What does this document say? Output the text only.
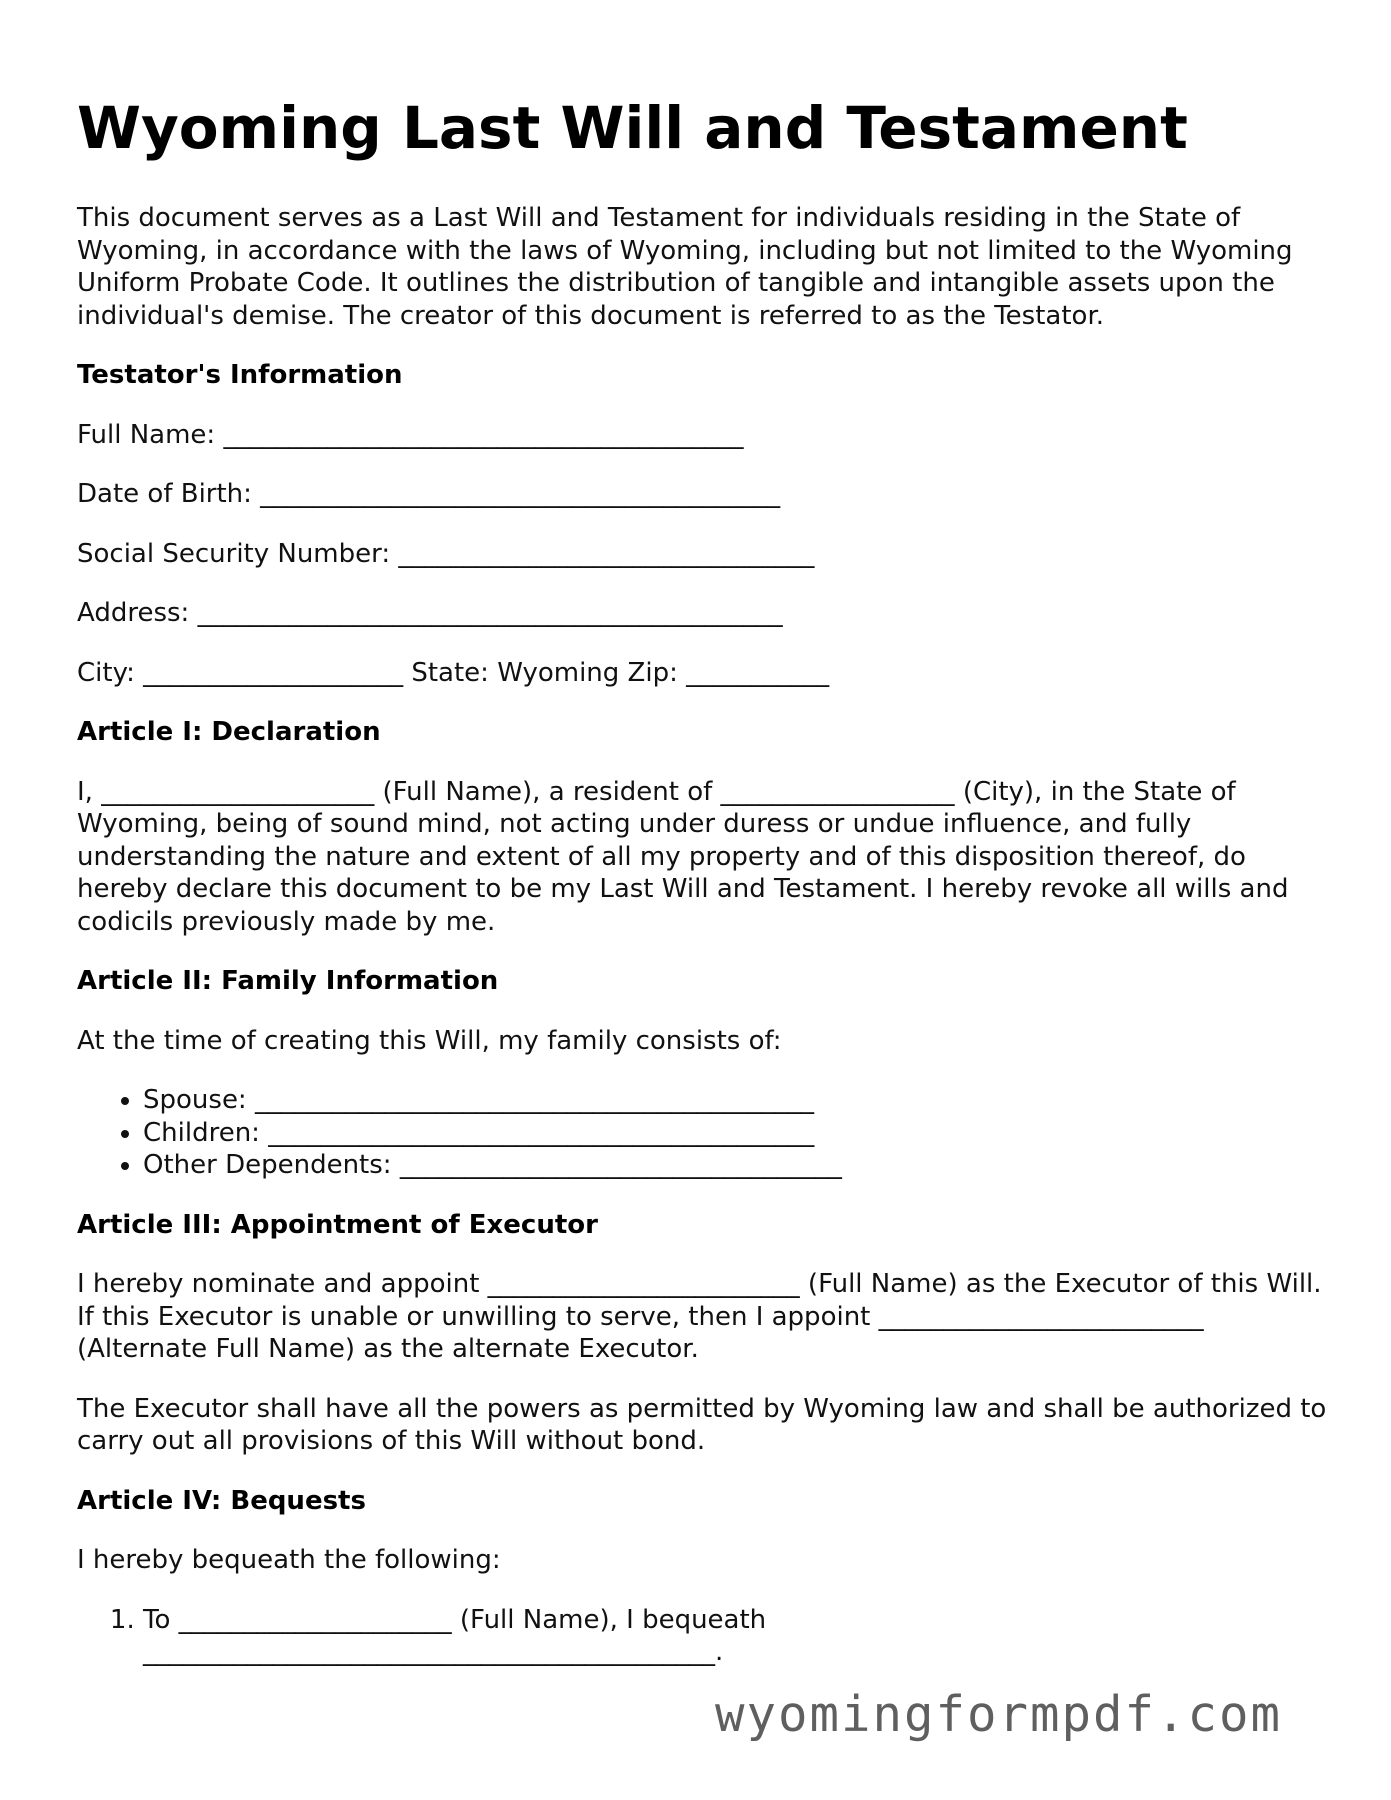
Wyoming Last Will and Testament

This document serves as a Last Will and Testament for individuals residing in the State of Wyoming, in accordance with the laws of Wyoming, including but not limited to the Wyoming Uniform Probate Code. It outlines the distribution of tangible and intangible assets upon the individual's demise. The creator of this document is referred to as the Testator.

Testator's Information

Full Name: ________________________________________

Date of Birth: ________________________________________

Social Security Number: ________________________________

Address: _____________________________________________

City: ____________________ State: Wyoming Zip: ___________

Article I: Declaration

I, _____________________ (Full Name), a resident of __________________ (City), in the State of Wyoming, being of sound mind, not acting under duress or undue influence, and fully understanding the nature and extent of all my property and of this disposition thereof, do hereby declare this document to be my Last Will and Testament. I hereby revoke all wills and codicils previously made by me.

Article II: Family Information

At the time of creating this Will, my family consists of:

• Spouse: ___________________________________________
• Children: __________________________________________
• Other Dependents: __________________________________
Article III: Appointment of Executor

I hereby nominate and appoint ________________________ (Full Name) as the Executor of this Will. If this Executor is unable or unwilling to serve, then I appoint _________________________ (Alternate Full Name) as the alternate Executor.

The Executor shall have all the powers as permitted by Wyoming law and shall be authorized to carry out all provisions of this Will without bond.

Article IV: Bequests

I hereby bequeath the following:

1. To _____________________ (Full Name), I bequeath ____________________________________________.
wyomingformpdf.com
